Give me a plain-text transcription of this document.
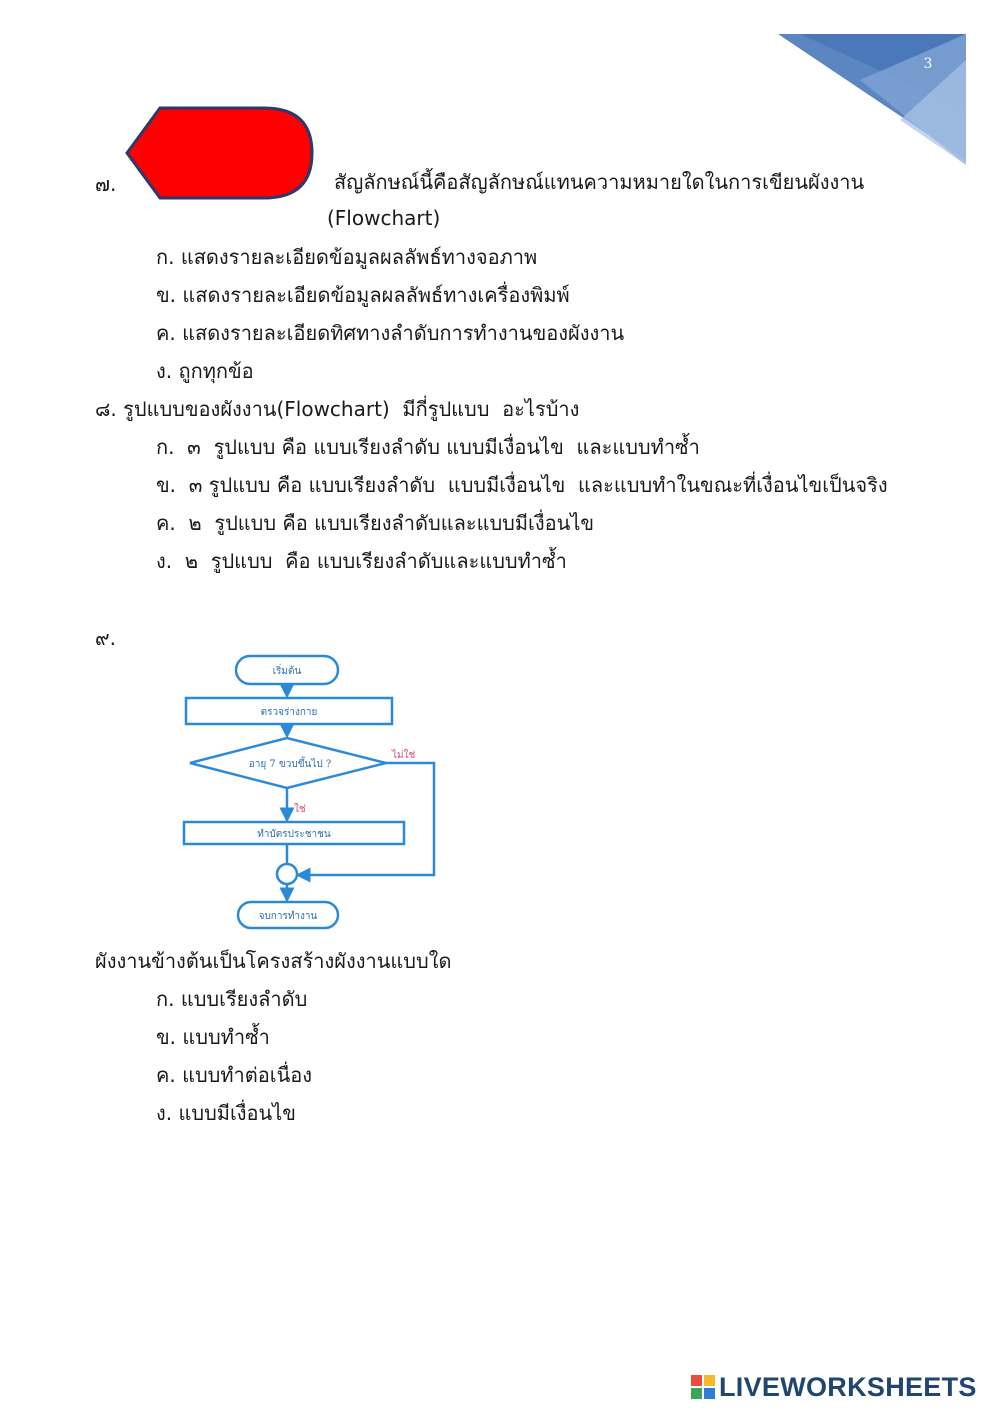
3
๗.	สัญลักษณ์นี้คือสัญลักษณ์แทนความหมายใดในการเขียนผังงาน
(Flowchart)
ก. แสดงรายละเอียดข้อมูลผลลัพธ์ทางจอภาพ
ข. แสดงรายละเอียดข้อมูลผลลัพธ์ทางเครื่องพิมพ์
ค. แสดงรายละเอียดทิศทางลำดับการทำงานของผังงาน
ง. ถูกทุกข้อ
๘. รูปแบบของผังงาน(Flowchart)  มีกี่รูปแบบ  อะไรบ้าง
ก.  ๓  รูปแบบ คือ แบบเรียงลำดับ แบบมีเงื่อนไข  และแบบทำซ้ำ
ข.  ๓ รูปแบบ คือ แบบเรียงลำดับ  แบบมีเงื่อนไข  และแบบทำในขณะที่เงื่อนไขเป็นจริง
ค.  ๒  รูปแบบ คือ แบบเรียงลำดับและแบบมีเงื่อนไข
ง.  ๒  รูปแบบ  คือ แบบเรียงลำดับและแบบทำซ้ำ
๙.
เริ่มต้น
ตรวจร่างกาย
อายุ 7 ขวบขึ้นไป ?
ทำบัตรประชาชน
จบการทำงาน
ไม่ใช่
ใช่
ผังงานข้างต้นเป็นโครงสร้างผังงานแบบใด
ก. แบบเรียงลำดับ
ข. แบบทำซ้ำ
ค. แบบทำต่อเนื่อง
ง. แบบมีเงื่อนไข
LIVEWORKSHEETS
